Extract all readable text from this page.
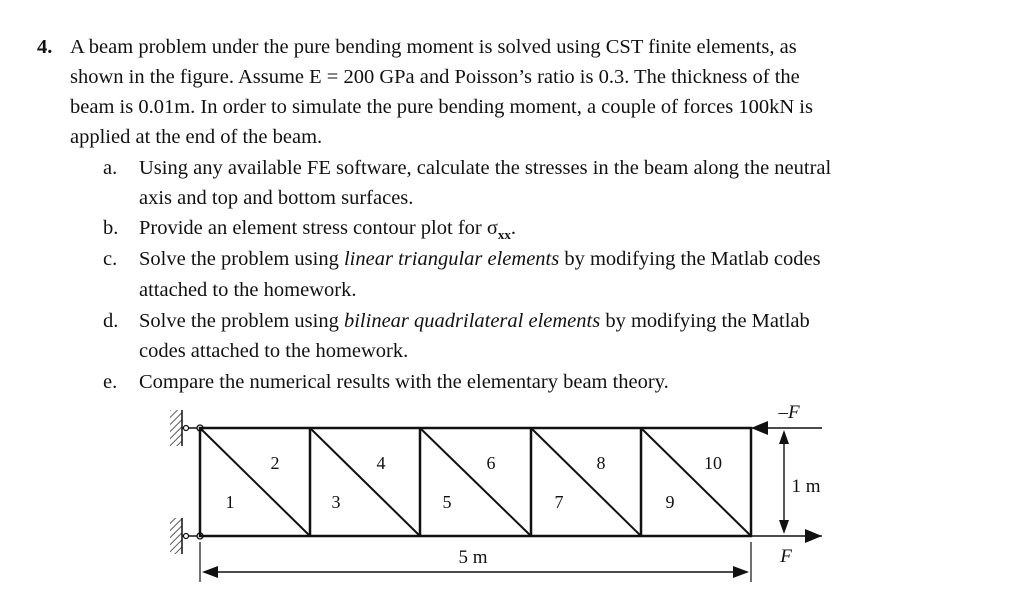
4. A beam problem under the pure bending moment is solved using CST finite elements, as
shown in the figure. Assume E = 200 GPa and Poisson’s ratio is 0.3. The thickness of the
beam is 0.01m. In order to simulate the pure bending moment, a couple of forces 100kN is
applied at the end of the beam.
a. Using any available FE software, calculate the stresses in the beam along the neutral
axis and top and bottom surfaces.
b. Provide an element stress contour plot for $\sigma_{xx}$.
c. Solve the problem using linear triangular elements by modifying the Matlab codes
attached to the homework.
d. Solve the problem using bilinear quadrilateral elements by modifying the Matlab
codes attached to the homework.
e. Compare the numerical results with the elementary beam theory.
1
2
3
4
5
6
7
8
9
10
–F
F
1 m
5 m
